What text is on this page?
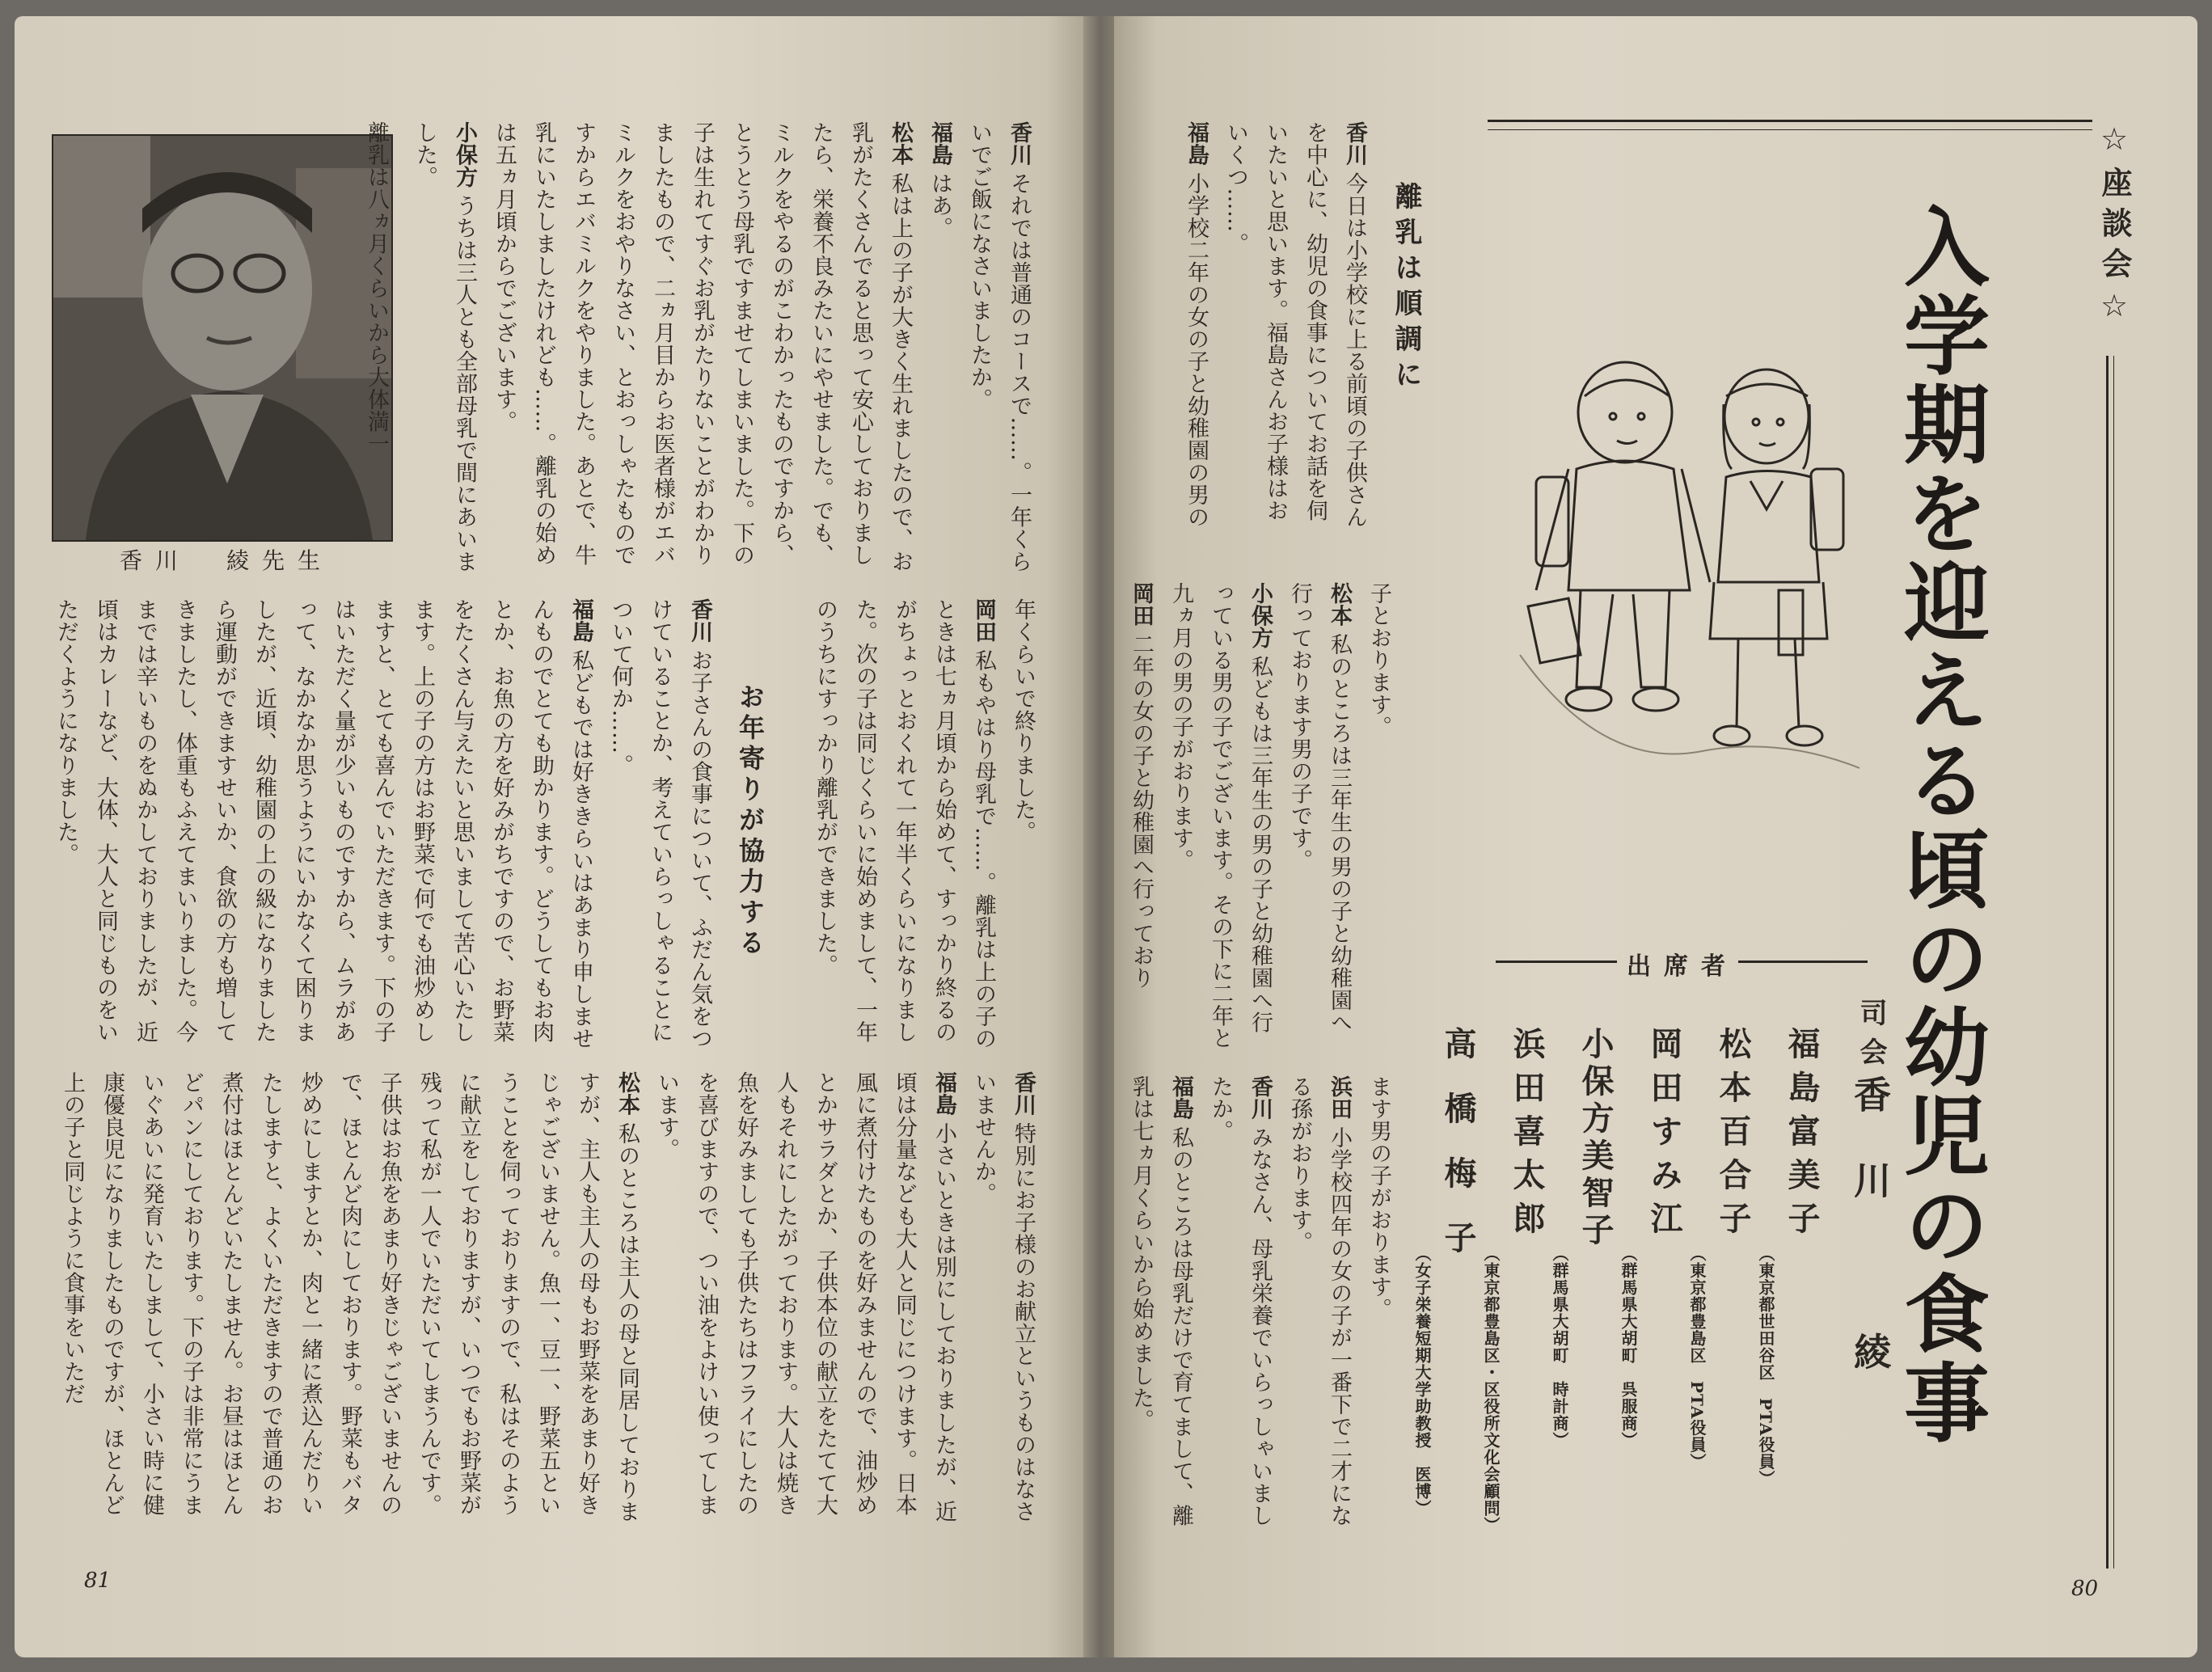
☆座談会☆
入学期を迎える頃の幼児の食事
出席者
司会
香川　綾
福島富美子
（東京都世田谷区　PTA役員）
松本百合子
（東京都豊島区　PTA役員）
岡田すみ江
（群馬県大胡町　呉服商）
小保方美智子
（群馬県大胡町　時計商）
浜田喜太郎
（東京都豊島区・区役所文化会顧問）
高橋梅子
（女子栄養短期大学助教授　医博）
離乳は順調に

香川今日は小学校に上る前頃の子供さんを中心に、幼児の食事についてお話を伺いたいと思います。福島さんお子様はおいくつ……。

福島小学校二年の女の子と幼稚園の男の

子とおります。

松本私のところは三年生の男の子と幼稚園へ行っております男の子です。

小保方私どもは三年生の男の子と幼稚園へ行っている男の子でございます。その下に二年と九ヵ月の男の子がおります。

岡田二年の女の子と幼稚園へ行っており

ます男の子がおります。

浜田小学校四年の女の子が一番下で二才になる孫がおります。

香川みなさん、母乳栄養でいらっしゃいましたか。

福島私のところは母乳だけで育てまして、離乳は七ヵ月くらいから始めました。

80
香川　綾先生

香川それでは普通のコースで……。一年くらいでご飯になさいましたか。

福島はあ。

松本私は上の子が大きく生れましたので、お乳がたくさんでると思って安心しておりましたら、栄養不良みたいにやせました。でも、ミルクをやるのがこわかったものですから、とうとう母乳ですませてしまいました。下の子は生れてすぐお乳がたりないことがわかりましたもので、二ヵ月目からお医者様がエバミルクをおやりなさい、とおっしゃたものですからエバミルクをやりました。あとで、牛乳にいたしましたけれども……。離乳の始めは五ヵ月頃からでございます。

小保方うちは三人とも全部母乳で間にあいました。

離乳は八ヵ月くらいから大体満一

年くらいで終りました。

岡田私もやはり母乳で……。離乳は上の子のときは七ヵ月頃から始めて、すっかり終るのがちょっとおくれて一年半くらいになりました。次の子は同じくらいに始めまして、一年のうちにすっかり離乳ができました。

お年寄りが協力する

香川お子さんの食事について、ふだん気をつけていることか、考えていらっしゃることについて何か……。

福島私どもでは好ききらいはあまり申しませんものでとても助かります。どうしてもお肉とか、お魚の方を好みがちですので、お野菜をたくさん与えたいと思いまして苦心いたします。上の子の方はお野菜で何でも油炒めしますと、とても喜んでいただきます。下の子はいただく量が少いものですから、ムラがあって、なかなか思うようにいかなくて困りましたが、近頃、幼稚園の上の級になりましたら運動ができますせいか、食欲の方も増してきましたし、体重もふえてまいりました。今までは辛いものをぬかしておりましたが、近頃はカレーなど、大体、大人と同じものをいただくようになりました。

香川特別にお子様のお献立というものはなさいませんか。

福島小さいときは別にしておりましたが、近頃は分量なども大人と同じにつけます。日本風に煮付けたものを好みませんので、油炒めとかサラダとか、子供本位の献立をたてて大人もそれにしたがっております。大人は焼き魚を好みましても子供たちはフライにしたのを喜びますので、つい油をよけい使ってしまいます。

松本私のところは主人の母と同居しておりますが、主人も主人の母もお野菜をあまり好きじゃございません。魚一、豆一、野菜五ということを伺っておりますので、私はそのように献立をしておりますが、いつでもお野菜が残って私が一人でいただいてしまうんです。子供はお魚をあまり好きじゃございませんので、ほとんど肉にしております。野菜もバタ炒めにしますとか、肉と一緒に煮込んだりいたしますと、よくいただきますので普通のお煮付はほとんどいたしません。お昼はほとんどパンにしております。下の子は非常にうまいぐあいに発育いたしまして、小さい時に健康優良児になりましたものですが、ほとんど上の子と同じように食事をいただ

81
